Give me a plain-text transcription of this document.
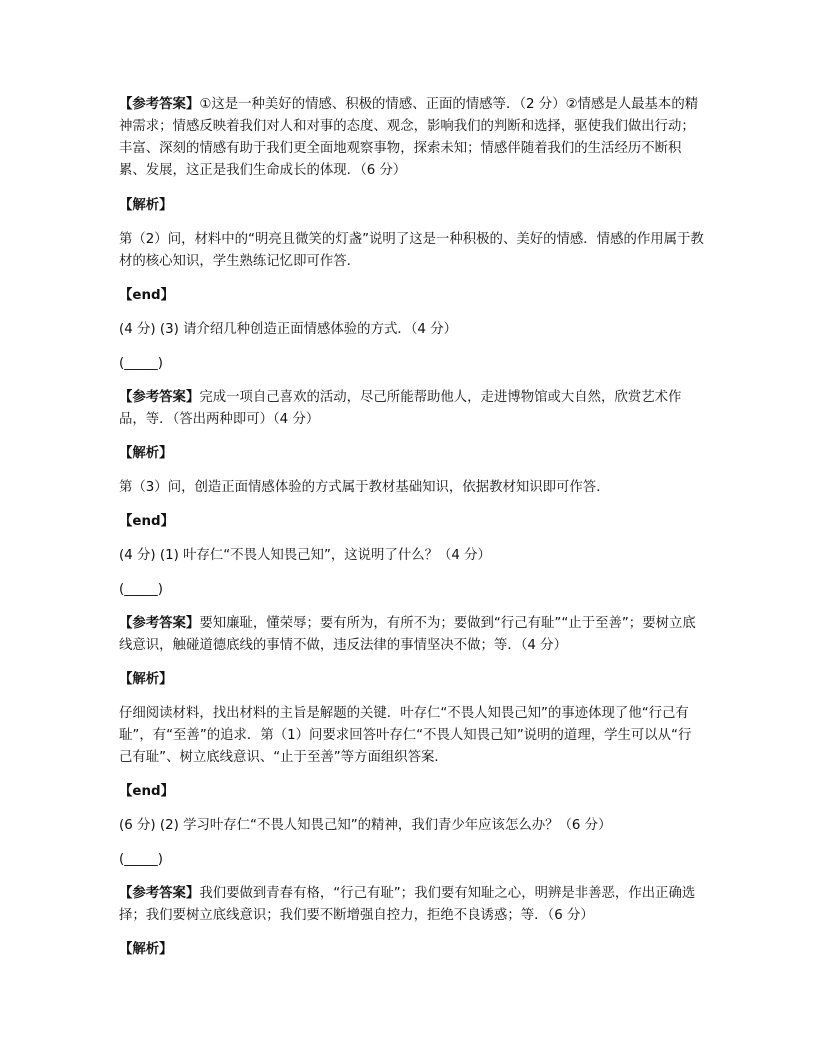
【参考答案】①这是一种美好的情感、积极的情感、正面的情感等．（2 分）②情感是人最基本的精神需求；情感反映着我们对人和对事的态度、观念，影响我们的判断和选择，驱使我们做出行动；丰富、深刻的情感有助于我们更全面地观察事物，探索未知；情感伴随着我们的生活经历不断积累、发展，这正是我们生命成长的体现．（6 分）

【解析】

第（2）问，材料中的“明亮且微笑的灯盏”说明了这是一种积极的、美好的情感．情感的作用属于教材的核心知识，学生熟练记忆即可作答．

【end】

(4 分) (3) 请介绍几种创造正面情感体验的方式．（4 分）

(_____)

【参考答案】完成一项自己喜欢的活动，尽己所能帮助他人，走进博物馆或大自然，欣赏艺术作品，等．（答出两种即可）（4 分）

【解析】

第（3）问，创造正面情感体验的方式属于教材基础知识，依据教材知识即可作答．

【end】

(4 分) (1) 叶存仁“不畏人知畏己知”，这说明了什么？（4 分）

(_____)

【参考答案】要知廉耻，懂荣辱；要有所为，有所不为；要做到“行己有耻”“止于至善”；要树立底线意识，触碰道德底线的事情不做，违反法律的事情坚决不做；等．（4 分）

【解析】

仔细阅读材料，找出材料的主旨是解题的关键．叶存仁“不畏人知畏己知”的事迹体现了他“行己有耻”，有“至善”的追求．第（1）问要求回答叶存仁“不畏人知畏己知”说明的道理，学生可以从“行己有耻”、树立底线意识、“止于至善”等方面组织答案．

【end】

(6 分) (2) 学习叶存仁“不畏人知畏己知”的精神，我们青少年应该怎么办？（6 分）

(_____)

【参考答案】我们要做到青春有格，“行己有耻”；我们要有知耻之心，明辨是非善恶，作出正确选择；我们要树立底线意识；我们要不断增强自控力，拒绝不良诱惑；等．（6 分）

【解析】
